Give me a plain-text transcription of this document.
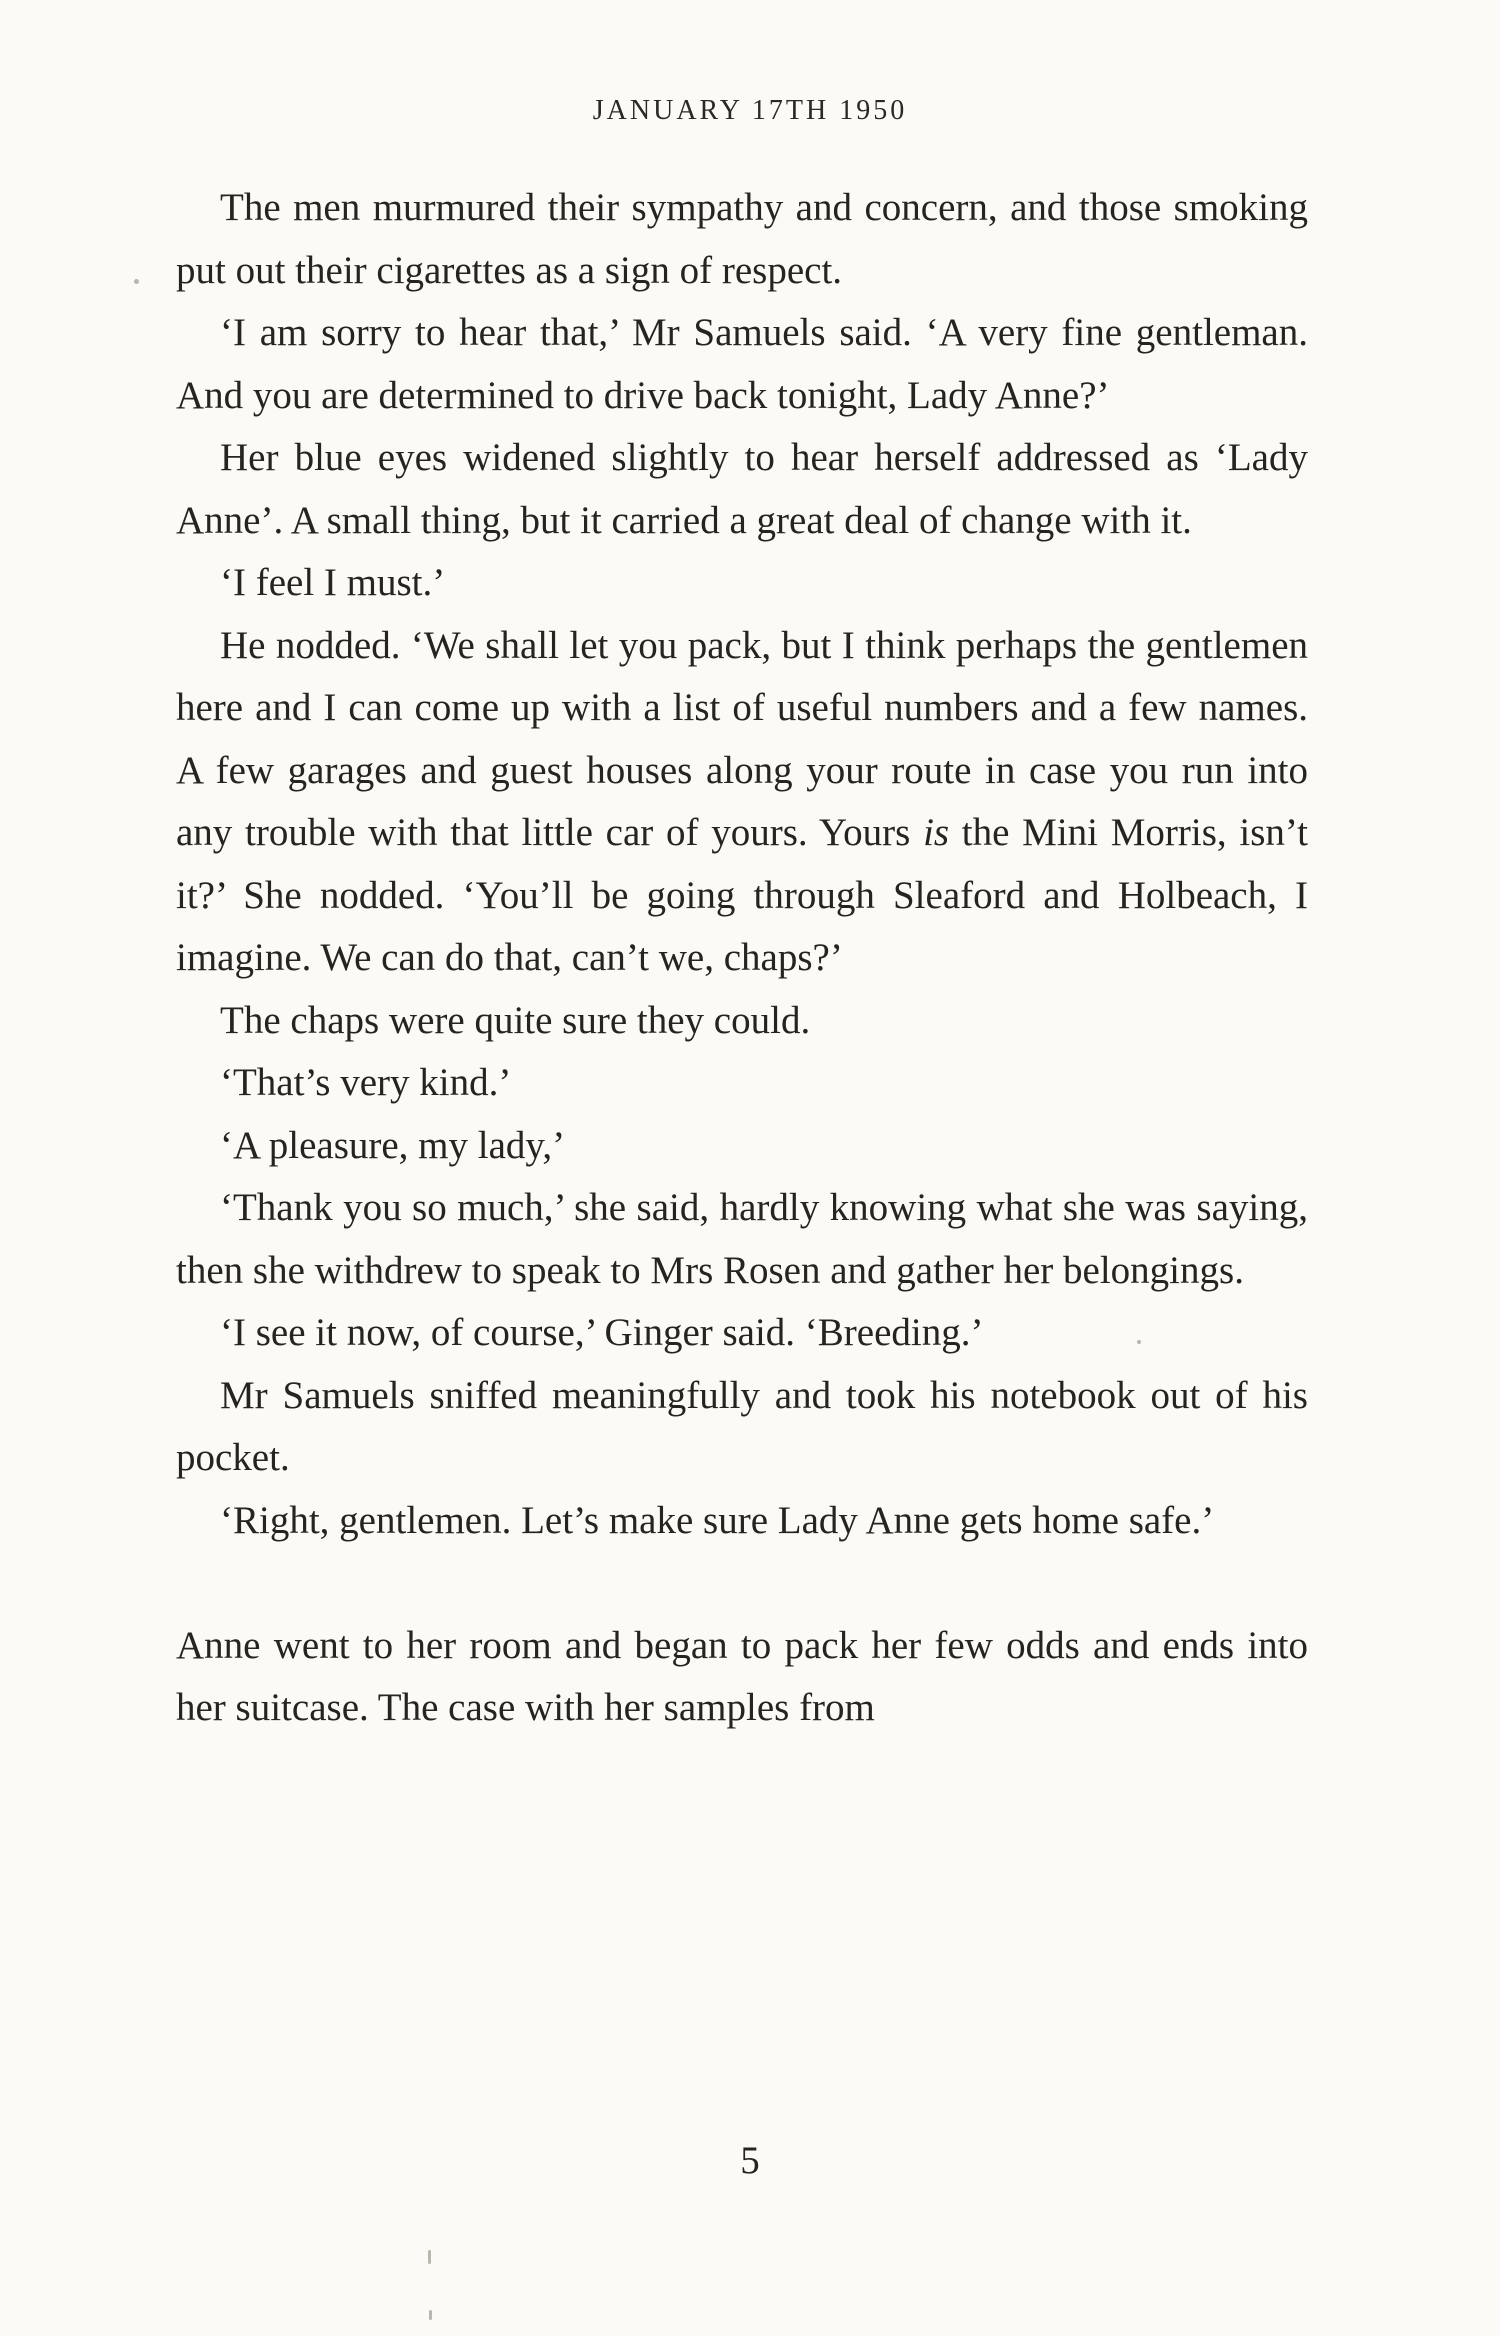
JANUARY 17TH 1950

The men murmured their sympathy and concern, and those smoking put out their cigarettes as a sign of respect.

‘I am sorry to hear that,’ Mr Samuels said. ‘A very fine gentleman. And you are determined to drive back tonight, Lady Anne?’

Her blue eyes widened slightly to hear herself addressed as ‘Lady Anne’. A small thing, but it carried a great deal of change with it.

‘I feel I must.’

He nodded. ‘We shall let you pack, but I think perhaps the gentlemen here and I can come up with a list of useful numbers and a few names. A few garages and guest houses along your route in case you run into any trouble with that little car of yours. Yours is the Mini Morris, isn’t it?’ She nodded. ‘You’ll be going through Sleaford and Holbeach, I imagine. We can do that, can’t we, chaps?’

The chaps were quite sure they could.

‘That’s very kind.’

‘A pleasure, my lady,’

‘Thank you so much,’ she said, hardly knowing what she was saying, then she withdrew to speak to Mrs Rosen and gather her belongings.

‘I see it now, of course,’ Ginger said. ‘Breeding.’

Mr Samuels sniffed meaningfully and took his notebook out of his pocket.

‘Right, gentlemen. Let’s make sure Lady Anne gets home safe.’

Anne went to her room and began to pack her few odds and ends into her suitcase. The case with her samples from

5
